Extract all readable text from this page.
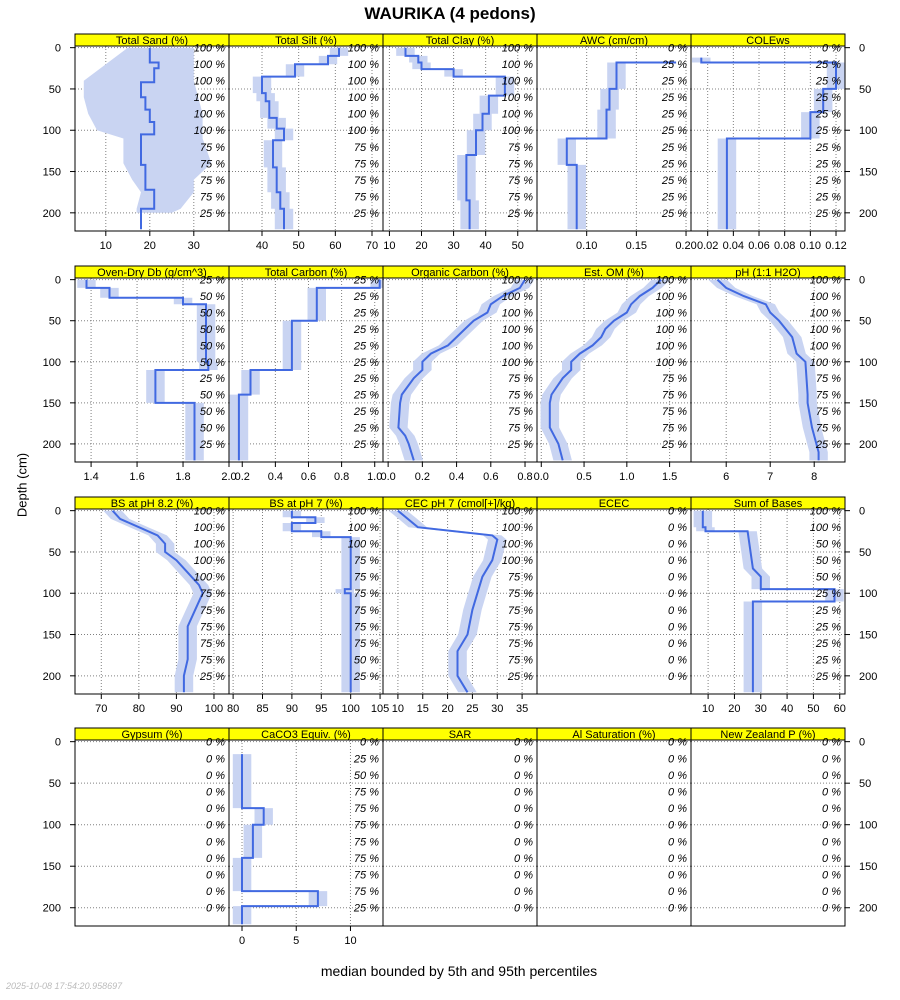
WAURIKA (4 pedons)
Depth (cm)
median bounded by 5th and 95th percentiles
2025-10-08 17:54:20.958697
Total Sand (%)
100 %
100 %
100 %
100 %
100 %
100 %
75 %
75 %
75 %
75 %
25 %
10	20	30
0
50
100
150
200
Total Silt (%)
100 %
100 %
100 %
100 %
100 %
100 %
75 %
75 %
75 %
75 %
25 %
40 50 60 70
Total Clay (%)
100 %
100 %
100 %
100 %
100 %
100 %
75 %
75 %
75 %
75 %
25 %
10 20 30 40 50
AWC (cm/cm)
0 %
25 %
25 %
25 %
25 %
25 %
25 %
25 %
25 %
25 %
25 %
0.10	0.15	0.20
COLEws
0 %
25 %
25 %
25 %
25 %
25 %
25 %
25 %
25 %
25 %
25 %
0.02 0.04 0.06 0.08 0.10 0.12
0
50
100
150
200
Oven-Dry Db (g/cm^3)
25 %
50 %
50 %
50 %
50 %
50 %
25 %
50 %
50 %
50 %
25 %
1.4	1.6	1.8	2.0
0
50
100
150
200
Total Carbon (%)
25 %
25 %
25 %
25 %
25 %
25 %
25 %
25 %
25 %
25 %
25 %
0.2 0.4 0.6 0.8 1.0
Organic Carbon (%)
100 %
100 %
100 %
100 %
100 %
100 %
75 %
75 %
75 %
75 %
25 %
0.0 0.2 0.4 0.6 0.8
Est. OM (%)
100 %
100 %
100 %
100 %
100 %
100 %
75 %
75 %
75 %
75 %
25 %
0.0 0.5 1.0 1.5
pH (1:1 H2O)
100 %
100 %
100 %
100 %
100 %
100 %
75 %
75 %
75 %
75 %
25 %
6	7	8
0
50
100
150
200
BS at pH 8.2 (%)
100 %
100 %
100 %
100 %
100 %
75 %
75 %
75 %
75 %
75 %
25 %
70 80 90 100
0
50
100
150
200
BS at pH 7 (%)
100 %
100 %
100 %
75 %
75 %
75 %
75 %
75 %
75 %
50 %
25 %
80 85 90 95 100 105
CEC pH 7 (cmol[+]/kg)
100 %
100 %
100 %
100 %
75 %
75 %
75 %
75 %
75 %
75 %
25 %
10 15 20 25 30 35
ECEC
0 %
0 %
0 %
0 %
0 %
0 %
0 %
0 %
0 %
0 %
0 %
Sum of Bases
100 %
100 %
50 %
50 %
50 %
25 %
25 %
25 %
25 %
25 %
25 %
10 20 30 40 50 60
0
50
100
150
200
Gypsum (%)
0 %
0 %
0 %
0 %
0 %
0 %
0 %
0 %
0 %
0 %
0 %
0
50
100
150
200
CaCO3 Equiv. (%)
0 %
25 %
50 %
75 %
75 %
75 %
75 %
75 %
75 %
75 %
25 %
0	5	10
SAR
0 %
0 %
0 %
0 %
0 %
0 %
0 %
0 %
0 %
0 %
0 %
Al Saturation (%)
0 %
0 %
0 %
0 %
0 %
0 %
0 %
0 %
0 %
0 %
0 %
New Zealand P (%)
0 %
0 %
0 %
0 %
0 %
0 %
0 %
0 %
0 %
0 %
0 %
0
50
100
150
200
